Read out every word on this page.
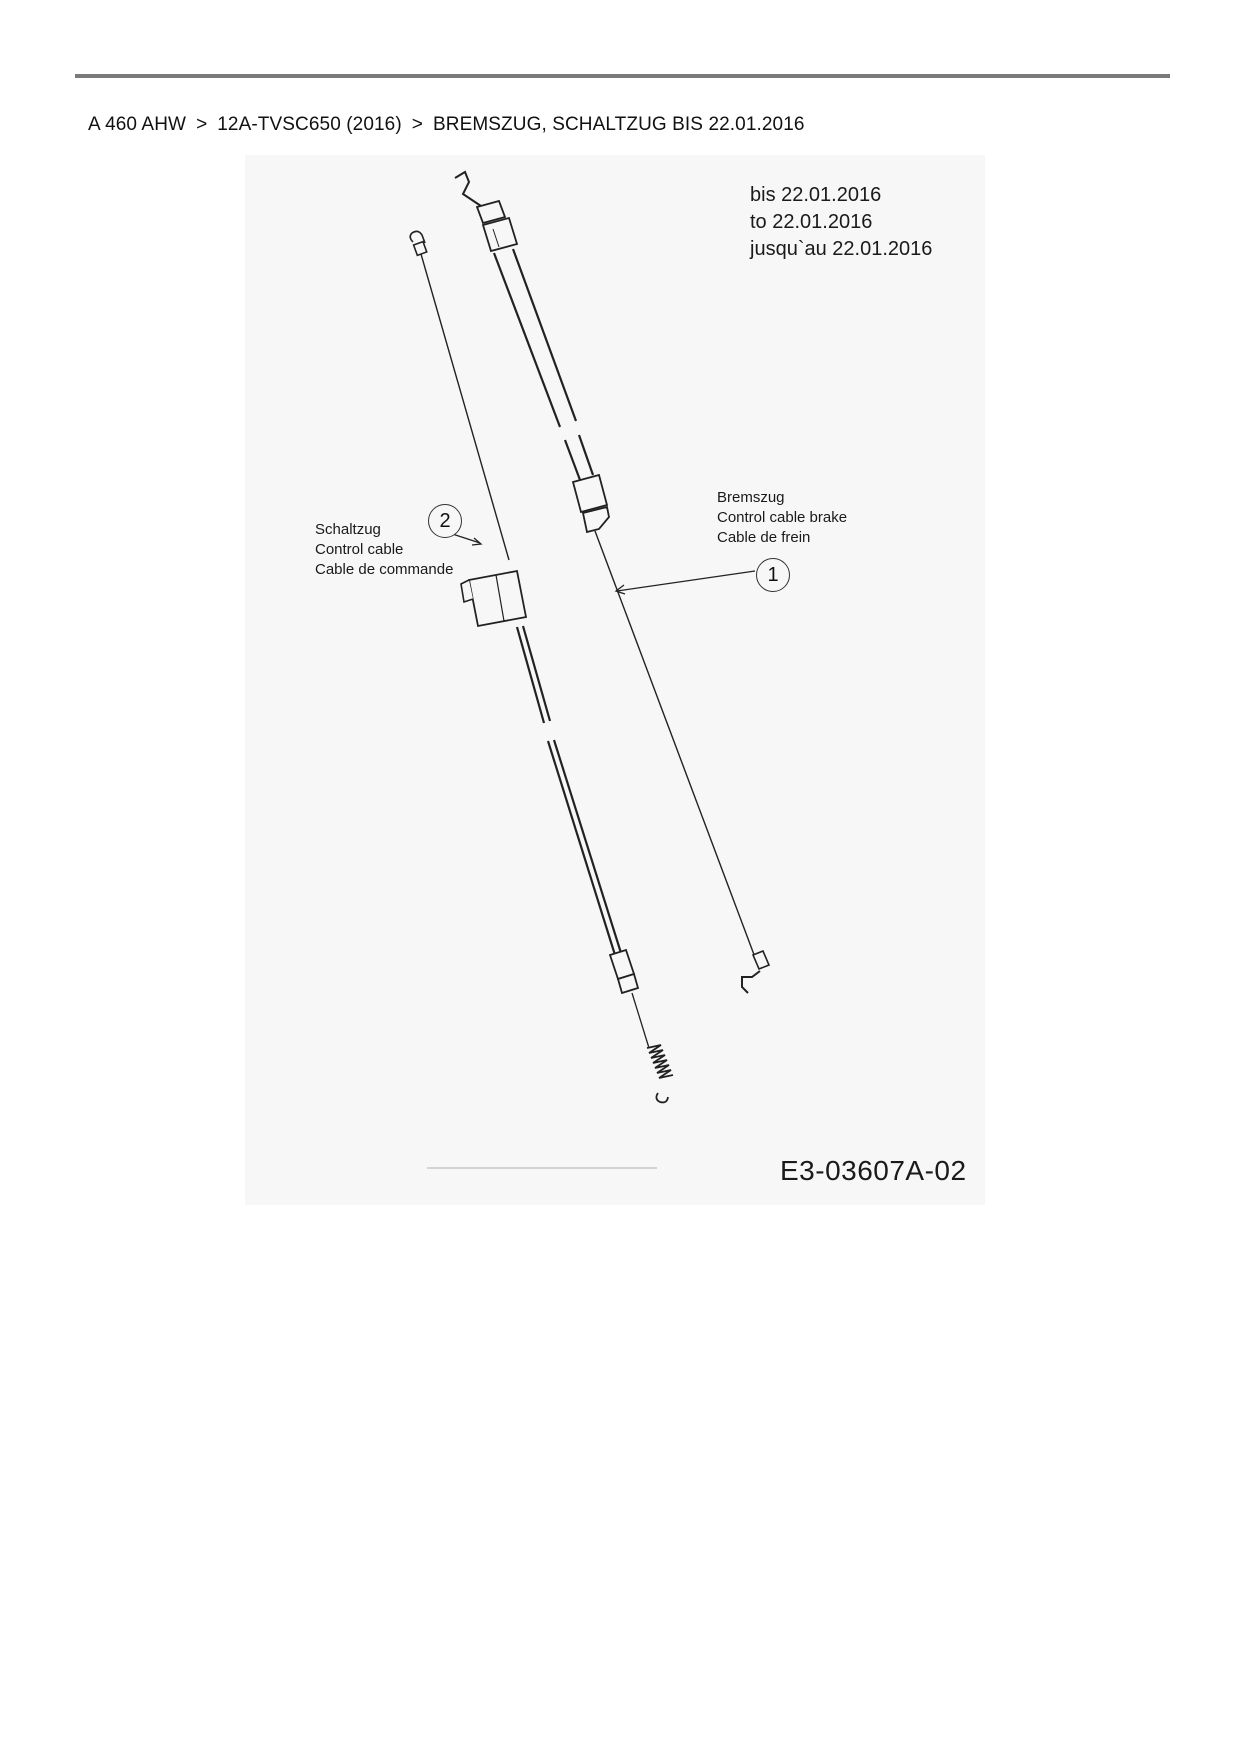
A 460 AHW > 12A-TVSC650 (2016) > BREMSZUG, SCHALTZUG BIS 22.01.2016
bis 22.01.2016
to 22.01.2016
jusqu`au 22.01.2016
Schaltzug
Control cable
Cable de commande
Bremszug
Control cable brake
Cable de frein
2
1
E3-03607A-02
